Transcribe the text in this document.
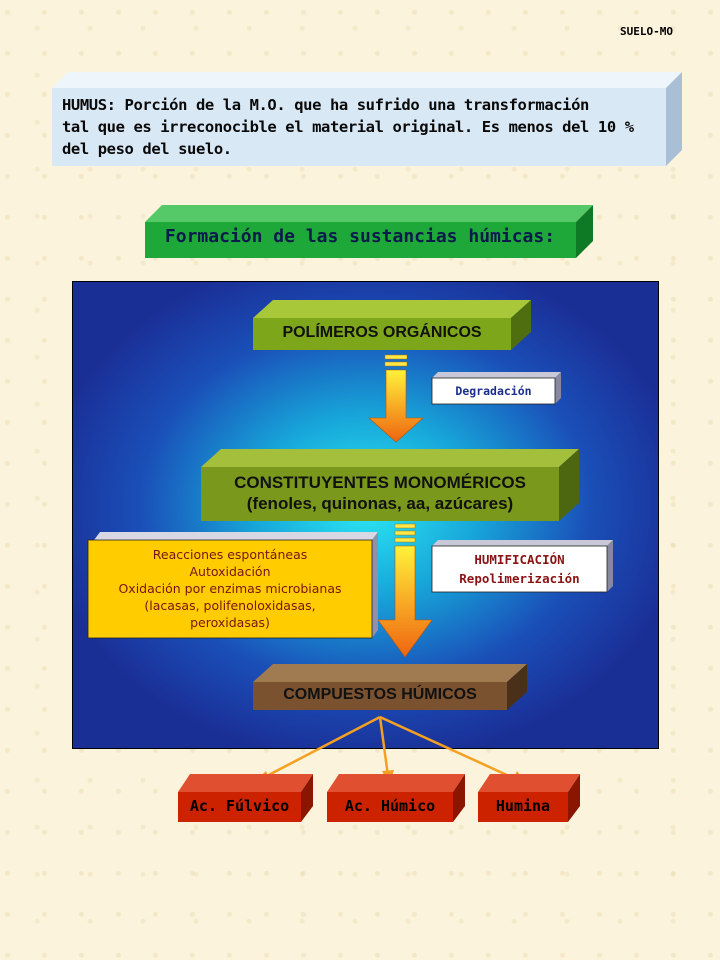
SUELO-MO
HUMUS: Porción de la M.O. que ha sufrido una transformación
tal que es irreconocible el material original. Es menos del 10 %
del peso del suelo.
Formación de las sustancias húmicas:
POLÍMEROS ORGÁNICOS
Degradación
CONSTITUYENTES MONOMÉRICOS
(fenoles, quinonas, aa, azúcares)
Reacciones espontáneas
Autoxidación
Oxidación por enzimas microbianas
(lacasas, polifenoloxidasas,
peroxidasas)
HUMIFICACIÓN
Repolimerización
COMPUESTOS HÚMICOS
Ac. Fúlvico	Ac. Húmico	Humina
